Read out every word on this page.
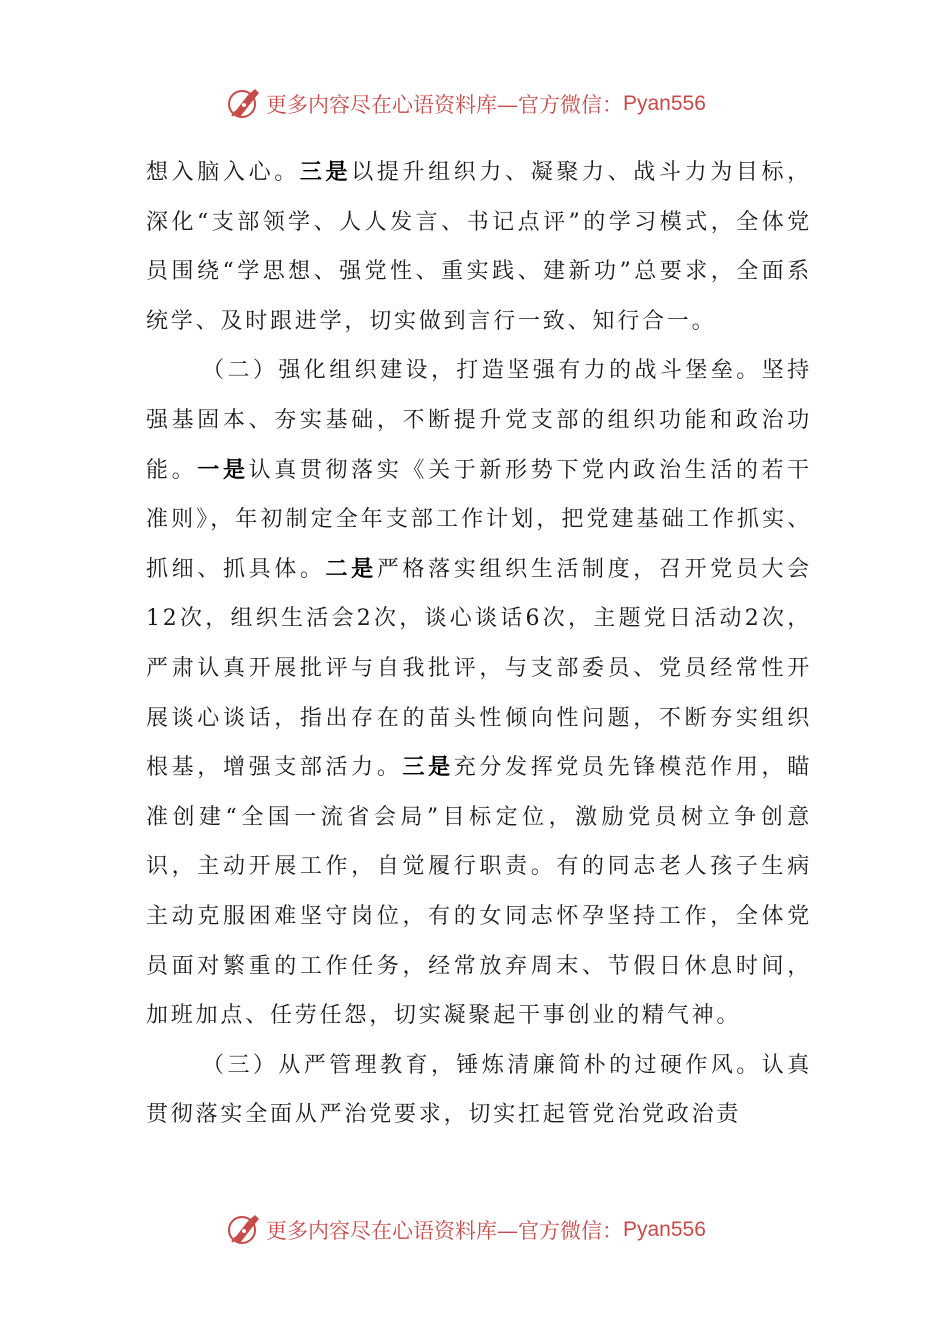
更多内容尽在心语资料库—官方微信： Pyan556

想入脑入心。三是以提升组织力、凝聚力、战斗力为目标，深化“支部领学、人人发言、书记点评”的学习模式，全体党员围绕“学思想、强党性、重实践、建新功”总要求，全面系统学、及时跟进学，切实做到言行一致、知行合一。

（二）强化组织建设，打造坚强有力的战斗堡垒。坚持强基固本、夯实基础，不断提升党支部的组织功能和政治功能。一是认真贯彻落实《关于新形势下党内政治生活的若干准则》，年初制定全年支部工作计划，把党建基础工作抓实、抓细、抓具体。二是严格落实组织生活制度，召开党员大会12次，组织生活会2次，谈心谈话6次，主题党日活动2次，严肃认真开展批评与自我批评，与支部委员、党员经常性开展谈心谈话，指出存在的苗头性倾向性问题，不断夯实组织根基，增强支部活力。三是充分发挥党员先锋模范作用，瞄准创建“全国一流省会局”目标定位，激励党员树立争创意识，主动开展工作，自觉履行职责。有的同志老人孩子生病主动克服困难坚守岗位，有的女同志怀孕坚持工作，全体党员面对繁重的工作任务，经常放弃周末、节假日休息时间，加班加点、任劳任怨，切实凝聚起干事创业的精气神。

（三）从严管理教育，锤炼清廉简朴的过硬作风。认真贯彻落实全面从严治党要求，切实扛起管党治党政治责

更多内容尽在心语资料库—官方微信： Pyan556
